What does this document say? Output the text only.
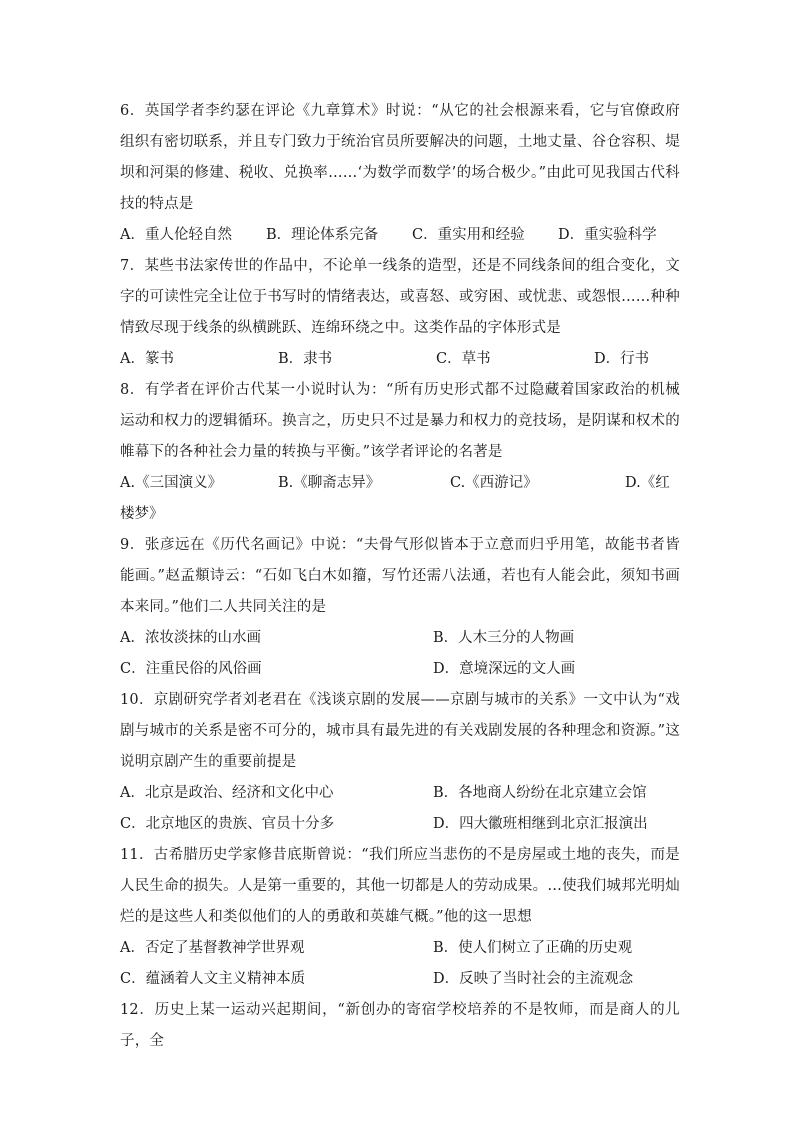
6．英国学者李约瑟在评论《九章算术》时说：“从它的社会根源来看，它与官僚政府组织有密切联系，并且专门致力于统治官员所要解决的问题，土地丈量、谷仓容积、堤坝和河渠的修建、税收、兑换率……‘为数学而数学’的场合极少。”由此可见我国古代科技的特点是

A．重人伦轻自然	B．理论体系完备	C．重实用和经验	D．重实验科学

7．某些书法家传世的作品中，不论单一线条的造型，还是不同线条间的组合变化，文字的可读性完全让位于书写时的情绪表达，或喜怒、或穷困、或忧悲、或怨恨……种种情致尽现于线条的纵横跳跃、连绵环绕之中。这类作品的字体形式是

A．篆书	B．隶书	C．草书	D．行书

8．有学者在评价古代某一小说时认为：“所有历史形式都不过隐藏着国家政治的机械运动和权力的逻辑循环。换言之，历史只不过是暴力和权力的竞技场，是阴谋和权术的帷幕下的各种社会力量的转换与平衡。”该学者评论的名著是

A.《三国演义》	B.《聊斋志异》	C.《西游记》	D.《红楼梦》

9．张彦远在《历代名画记》中说：“夫骨气形似皆本于立意而归乎用笔，故能书者皆能画。”赵孟頫诗云：“石如飞白木如籀，写竹还需八法通，若也有人能会此，须知书画本来同。”他们二人共同关注的是

A．浓妆淡抹的山水画	B．人木三分的人物画
C．注重民俗的风俗画	D．意境深远的文人画

10．京剧研究学者刘老君在《浅谈京剧的发展——京剧与城市的关系》一文中认为“戏剧与城市的关系是密不可分的，城市具有最先进的有关戏剧发展的各种理念和资源。”这说明京剧产生的重要前提是

A．北京是政治、经济和文化中心	B．各地商人纷纷在北京建立会馆
C．北京地区的贵族、官员十分多	D．四大徽班相继到北京汇报演出

11．古希腊历史学家修昔底斯曾说：“我们所应当悲伤的不是房屋或土地的丧失，而是人民生命的损失。人是第一重要的，其他一切都是人的劳动成果。…使我们城邦光明灿烂的是这些人和类似他们的人的勇敢和英雄气概。”他的这一思想

A．否定了基督教神学世界观	B．使人们树立了正确的历史观
C．蕴涵着人文主义精神本质	D．反映了当时社会的主流观念

12．历史上某一运动兴起期间，“新创办的寄宿学校培养的不是牧师，而是商人的儿子，全
